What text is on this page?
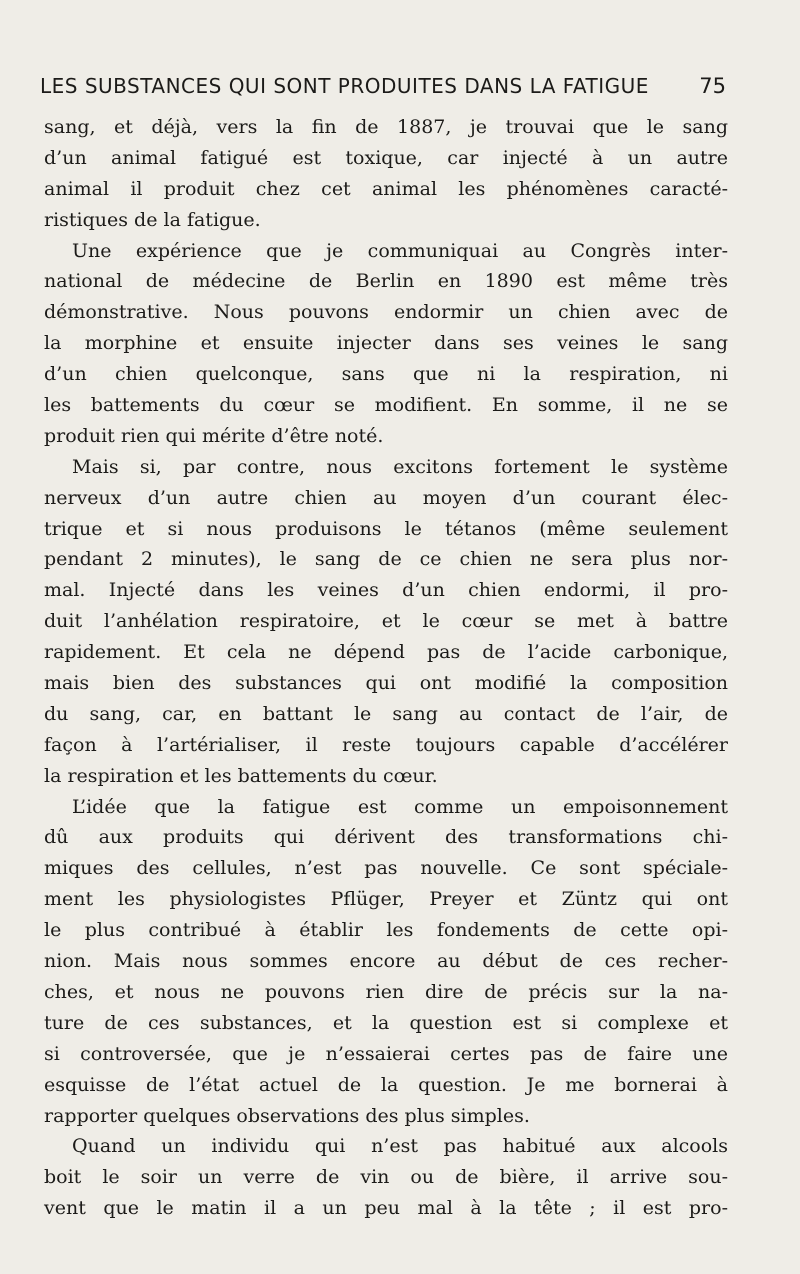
LES SUBSTANCES QUI SONT PRODUITES DANS LA FATIGUE 75
sang, et déjà, vers la fin de 1887, je trouvai que le sang
d’un animal fatigué est toxique, car injecté à un autre
animal il produit chez cet animal les phénomènes caracté-
ristiques de la fatigue.
Une expérience que je communiquai au Congrès inter-
national de médecine de Berlin en 1890 est même très
démonstrative. Nous pouvons endormir un chien avec de
la morphine et ensuite injecter dans ses veines le sang
d’un chien quelconque, sans que ni la respiration, ni
les battements du cœur se modifient. En somme, il ne se
produit rien qui mérite d’être noté.
Mais si, par contre, nous excitons fortement le système
nerveux d’un autre chien au moyen d’un courant élec-
trique et si nous produisons le tétanos (même seulement
pendant 2 minutes), le sang de ce chien ne sera plus nor-
mal. Injecté dans les veines d’un chien endormi, il pro-
duit l’anhélation respiratoire, et le cœur se met à battre
rapidement. Et cela ne dépend pas de l’acide carbonique,
mais bien des substances qui ont modifié la composition
du sang, car, en battant le sang au contact de l’air, de
façon à l’artérialiser, il reste toujours capable d’accélérer
la respiration et les battements du cœur.
L’idée que la fatigue est comme un empoisonnement
dû aux produits qui dérivent des transformations chi-
miques des cellules, n’est pas nouvelle. Ce sont spéciale-
ment les physiologistes Pflüger, Preyer et Züntz qui ont
le plus contribué à établir les fondements de cette opi-
nion. Mais nous sommes encore au début de ces recher-
ches, et nous ne pouvons rien dire de précis sur la na-
ture de ces substances, et la question est si complexe et
si controversée, que je n’essaierai certes pas de faire une
esquisse de l’état actuel de la question. Je me bornerai à
rapporter quelques observations des plus simples.
Quand un individu qui n’est pas habitué aux alcools
boit le soir un verre de vin ou de bière, il arrive sou-
vent que le matin il a un peu mal à la tête ; il est pro-
